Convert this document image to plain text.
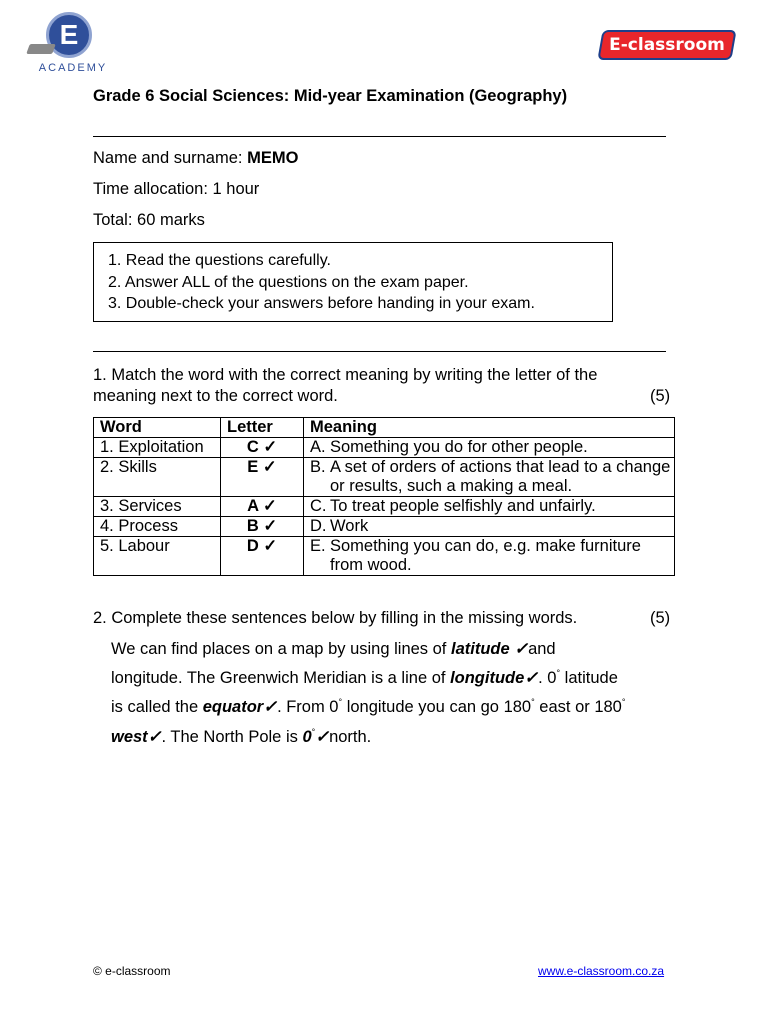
E
ACADEMY
E-classroom
Grade 6 Social Sciences: Mid-year Examination (Geography)
Name and surname: MEMO
Time allocation: 1 hour
Total: 60 marks
1. Read the questions carefully.
2. Answer ALL of the questions on the exam paper.
3. Double-check your answers before handing in your exam.
1. Match the word with the correct meaning by writing the letter of the
meaning next to the correct word.	(5)
Word	Letter	Meaning
1. Exploitation	C ✓	A. Something you do for other people.

2. Skills	E ✓	B. A set of orders of actions that lead to a change or results, such a making a meal.

3. Services	A ✓	C. To treat people selfishly and unfairly.

4. Process	B ✓	D. Work

5. Labour	D ✓	E. Something you can do, e.g. make furniture from wood.
2. Complete these sentences below by filling in the missing words.	(5)
We can find places on a map by using lines of latitude ✓and
longitude. The Greenwich Meridian is a line of longitude✓. 0° latitude
is called the equator✓. From 0° longitude you can go 180° east or 180°
west✓. The North Pole is 0°✓north.
© e-classroom	www.e-classroom.co.za
